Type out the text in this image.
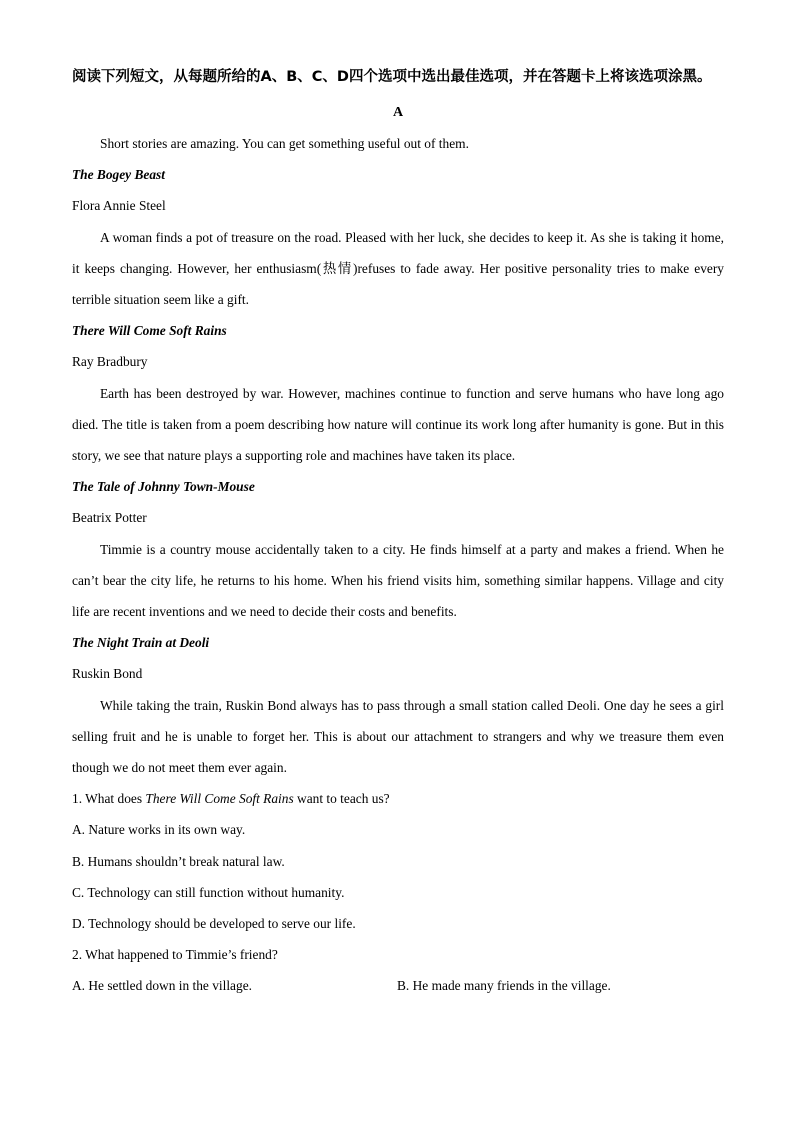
阅读下列短文，从每题所给的A、B、C、D四个选项中选出最佳选项，并在答题卡上将该选项涂黑。

A

Short stories are amazing. You can get something useful out of them.

The Bogey Beast

Flora Annie Steel

A woman finds a pot of treasure on the road. Pleased with her luck, she decides to keep it. As she is taking it home, it keeps changing. However, her enthusiasm(热情)refuses to fade away. Her positive personality tries to make every terrible situation seem like a gift.

There Will Come Soft Rains

Ray Bradbury

Earth has been destroyed by war. However, machines continue to function and serve humans who have long ago died. The title is taken from a poem describing how nature will continue its work long after humanity is gone. But in this story, we see that nature plays a supporting role and machines have taken its place.

The Tale of Johnny Town-Mouse

Beatrix Potter

Timmie is a country mouse accidentally taken to a city. He finds himself at a party and makes a friend. When he can’t bear the city life, he returns to his home. When his friend visits him, something similar happens. Village and city life are recent inventions and we need to decide their costs and benefits.

The Night Train at Deoli

Ruskin Bond

While taking the train, Ruskin Bond always has to pass through a small station called Deoli. One day he sees a girl selling fruit and he is unable to forget her. This is about our attachment to strangers and why we treasure them even though we do not meet them ever again.

1. What does There Will Come Soft Rains want to teach us?

A. Nature works in its own way.

B. Humans shouldn’t break natural law.

C. Technology can still function without humanity.

D. Technology should be developed to serve our life.

2. What happened to Timmie’s friend?

A. He settled down in the village.	B. He made many friends in the village.
